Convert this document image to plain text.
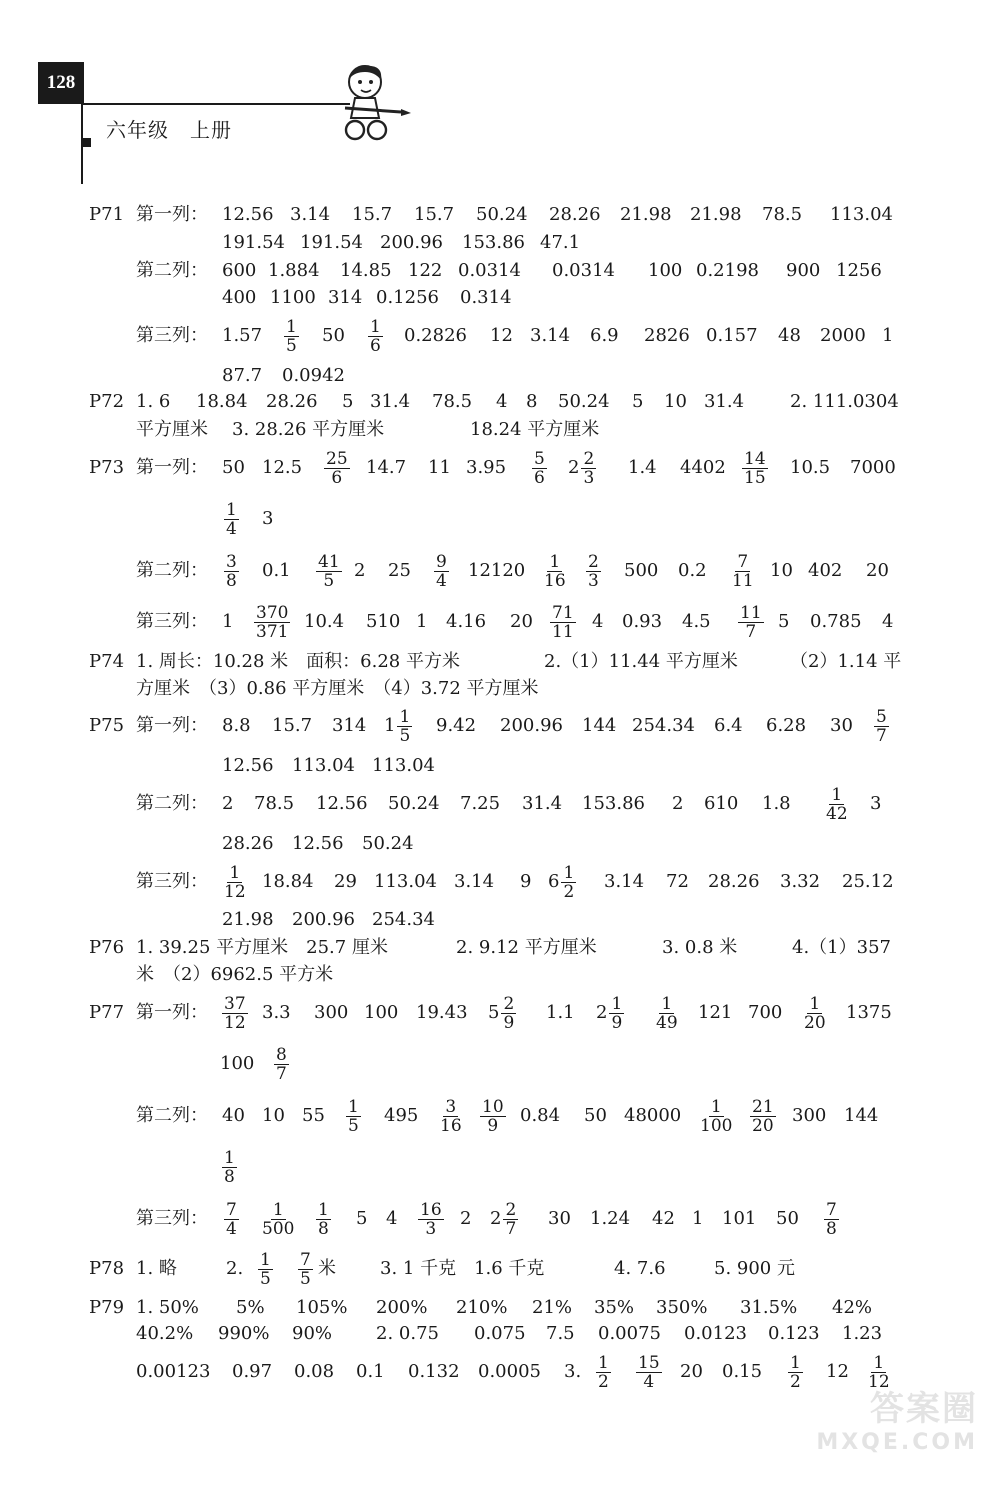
128
六年级　上册
P71 第一列： 12.56 3.14 15.7 15.7 50.24 28.26 21.98 21.98 78.5 113.04
191.54 191.54 200.96 153.86 47.1
第二列： 600 1.884 14.85 122 0.0314 0.0314 100 0.2198 900 1256
400 1100 314 0.1256 0.314
第三列： $1.57 \frac{1}{5} 50 \frac{1}{6} 0.2826$ 12 3.14 6.9 2826 0.157 48 2000 1
87.7 0.0942
P72 1. 6 18.84 28.26 5 31.4 78.5 4 8 50.24 5 10 31.4	2. 111.0304
平方厘米 3. 28.26 平方厘米	18.24 平方厘米
P73 第一列： 50 $12.5 \frac{25}{6} 14.7$ 11 $3.95 \frac{5}{6} 2 \frac{2}{3} 1.4$ $4402 \frac{14}{15} 10.5$ 7000
$\frac{1}{4} 3$
第二列： $\frac{3}{8} 0.1 \frac{41}{5} 2$ $25 \frac{9}{4} 12120 \frac{1}{16} \frac{2}{3} 500$ $0.2 \frac{7}{11} 10$ 402 20
第三列： $1 \frac{370}{371} 10.4$ 510 1 4.16 $20 \frac{71}{11} 4$ 0.93 $4.5 \frac{11}{7} 5$ 0.785 4
P74 1. 周长：10.28 米　面积：6.28 平方米	2.（1）11.44 平方厘米	（2）1.14 平
方厘米　（3）0.86 平方厘米　（4）3.72 平方厘米
P75 第一列： 8.8 15.7 314 $1 \frac{1}{5} 9.42$ 200.96 144 254.34 6.4 6.28 $30 \frac{5}{7}$
12.56 113.04 113.04
第二列： 2 78.5 12.56 50.24 7.25 31.4 153.86 2 610 $1.8 \frac{1}{42} 3$
28.26 12.56 50.24
第三列： $\frac{1}{12} 18.84$ 29 113.04 3.14 9 $6 \frac{1}{2} 3.14$ 72 28.26 3.32 25.12
21.98 200.96 254.34
P76 1. 39.25 平方厘米　25.7 厘米	2. 9.12 平方厘米	3. 0.8 米	4.（1）357
米　（2）6962.5 平方米
P77 第一列： $\frac{37}{12} 3.3$ 300 100 19.43 $5 \frac{2}{9} 1.1$ $2 \frac{1}{9} \frac{1}{49} 121$ $700 \frac{1}{20} 1375$
$100 \frac{8}{7}$
第二列： 40 10 $55 \frac{1}{5} 495 \frac{3}{16} \frac{10}{9} 0.84$ 50 $48000 \frac{1}{100} \frac{21}{20} 300$ 144
$\frac{1}{8}$
第三列： $\frac{7}{4} \frac{1}{500} \frac{1}{8} 5$ $4 \frac{16}{3} 2$ $2 \frac{2}{7} 30$ 1.24 42 1 101 $50 \frac{7}{8}$
P78 1. 略	2. $\frac{1}{5} \frac{7}{5}$ 米 3. 1 千克　1.6 千克	4. 7.6	5. 900 元
P79 1. 50% 5% 105% 200% 210% 21% 35% 350% 31.5% 42%
40.2% 990% 90% 2. 0.75 0.075 7.5 0.0075 0.0123 0.123 1.23
0.00123 0.97 0.08 0.1 0.132 0.0005 3. $\frac{1}{2} \frac{15}{4} 20$ $0.15 \frac{1}{2} 12 \frac{1}{12}$
答案圈
MXQE.COM
